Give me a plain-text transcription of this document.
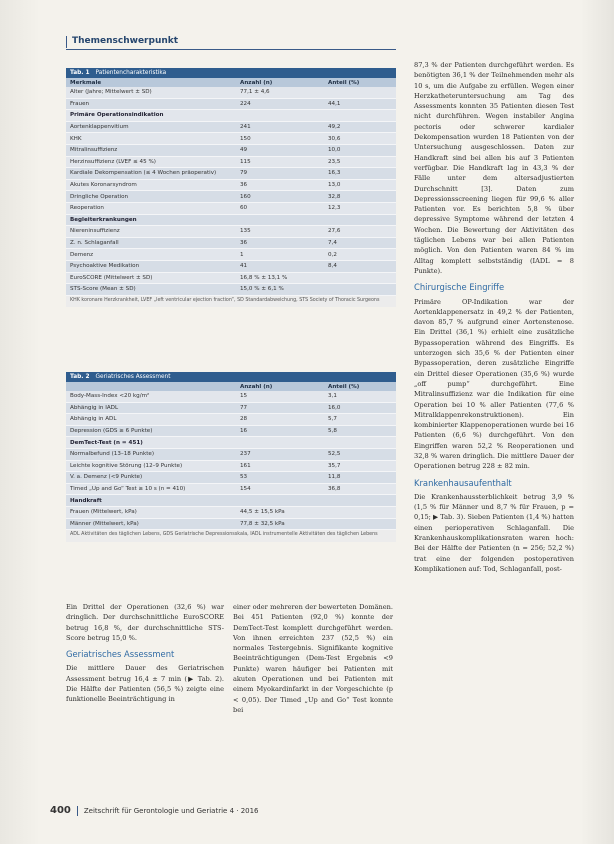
Themenschwerpunkt
Tab. 1 Patientencharakteristika
Merkmale	Anzahl (n)	Anteil (%)
Alter (Jahre; Mittelwert ± SD)	77,1 ± 4,6
Frauen	224	44,1
Primäre Operationsindikation
Aortenklappenvitium	241	49,2
KHK	150	30,6
Mitralinsuffizienz	49	10,0
Herzinsuffizienz (LVEF ≤ 45 %)	115	23,5
Kardiale Dekompensation (≤ 4 Wochen präoperativ)	79	16,3
Akutes Koronarsyndrom	36	13,0
Dringliche Operation	160	32,8
Reoperation	60	12,3
Begleiterkrankungen
Niereninsuffizienz	135	27,6
Z. n. Schlaganfall	36	7,4
Demenz	1	0,2
Psychoaktive Medikation	41	8,4
EuroSCORE (Mittelwert ± SD)	16,8 % ± 13,1 %
STS-Score (Mean ± SD)	15,0 % ± 6,1 %
KHK koronare Herzkrankheit, LVEF „left ventricular ejection fraction“, SD Standardabweichung, STS Society of Thoracic Surgeons
Tab. 2 Geriatrisches Assessment
Anzahl (n)	Anteil (%)
Body-Mass-Index <20 kg/m²	15	3,1
Abhängig in IADL	77	16,0
Abhängig in ADL	28	5,7
Depression (GDS ≥ 6 Punkte)	16	5,8
DemTect-Test (n = 451)
Normalbefund (13–18 Punkte)	237	52,5
Leichte kognitive Störung (12–9 Punkte)	161	35,7
V. a. Demenz (<9 Punkte)	53	11,8
Timed „Up and Go“ Test ≥ 10 s (n = 410)	154	36,8
Handkraft
Frauen (Mittelwert, kPa)	44,5 ± 15,5 kPa
Männer (Mittelwert, kPa)	77,8 ± 32,5 kPa
ADL Aktivitäten des täglichen Lebens, GDS Geriatrische Depressionsskala, IADL instrumentelle Aktivitäten des täglichen Lebens

Ein Drittel der Operationen (32,6 %) war dringlich. Der durchschnittliche EuroSCORE betrug 16,8 %, der durchschnittliche STS-Score betrug 15,0 %.

Geriatrisches Assessment

Die mittlere Dauer des Geriatrischen Assessment betrug 16,4 ± 7 min (▶ Tab. 2). Die Hälfte der Patienten (56,5 %) zeigte eine funktionelle Beeinträchtigung in

einer oder mehreren der bewerteten Domänen. Bei 451 Patienten (92,0 %) konnte der DemTect-Test komplett durchgeführt werden. Von ihnen erreichten 237 (52,5 %) ein normales Testergebnis. Signifikante kognitive Beeinträchtigungen (Dem-Test Ergebnis <9 Punkte) waren häufiger bei Patienten mit akuten Operationen und bei Patienten mit einem Myokardinfarkt in der Vorgeschichte (p < 0,05). Der Timed „Up and Go“ Test konnte bei

87,3 % der Patienten durchgeführt werden. Es benötigten 36,1 % der Teilnehmenden mehr als 10 s, um die Aufgabe zu erfüllen. Wegen einer Herzkatheteruntersuchung am Tag des Assessments konnten 35 Patienten diesen Test nicht durchführen. Wegen instabiler Angina pectoris oder schwerer kardialer Dekompensation wurden 18 Patienten von der Untersuchung ausgeschlossen. Daten zur Handkraft sind bei allen bis auf 3 Patienten verfügbar. Die Handkraft lag in 43,3 % der Fälle unter dem altersadjustierten Durchschnitt [3]. Daten zum Depressionsscreening liegen für 99,6 % aller Patienten vor. Es berichten 5,8 % über depressive Symptome während der letzten 4 Wochen. Die Bewertung der Aktivitäten des täglichen Lebens war bei allen Patienten möglich. Von den Patienten waren 84 % im Alltag komplett selbstständig (IADL = 8 Punkte).

Chirurgische Eingriffe

Primäre OP-Indikation war der Aortenklappenersatz in 49,2 % der Patienten, davon 85,7 % aufgrund einer Aortenstenose. Ein Drittel (36,1 %) erhielt eine zusätzliche Bypassoperation während des Eingriffs. Es unterzogen sich 35,6 % der Patienten einer Bypassoperation, deren zusätzliche Eingriffe ein Drittel dieser Operationen (35,6 %) wurde „off pump“ durchgeführt. Eine Mitralinsuffizienz war die Indikation für eine Operation bei 10 % aller Patienten (77,6 % Mitralklappenrekonstruktionen). Ein kombinierter Klappenoperationen wurde bei 16 Patienten (6,6 %) durchgeführt. Von den Eingriffen waren 52,2 % Reoperationen und 32,8 % waren dringlich. Die mittlere Dauer der Operationen betrug 228 ± 82 min.

Krankenhausaufenthalt

Die Krankenhaussterblichkeit betrug 3,9 % (1,5 % für Männer und 8,7 % für Frauen, p = 0,15; ▶ Tab. 3). Sieben Patienten (1,4 %) hatten einen perioperativen Schlaganfall. Die Krankenhauskomplikationsraten waren hoch: Bei der Hälfte der Patienten (n = 256; 52,2 %) trat eine der folgenden postoperativen Komplikationen auf: Tod, Schlaganfall, post-

400 Zeitschrift für Gerontologie und Geriatrie 4 · 2016
